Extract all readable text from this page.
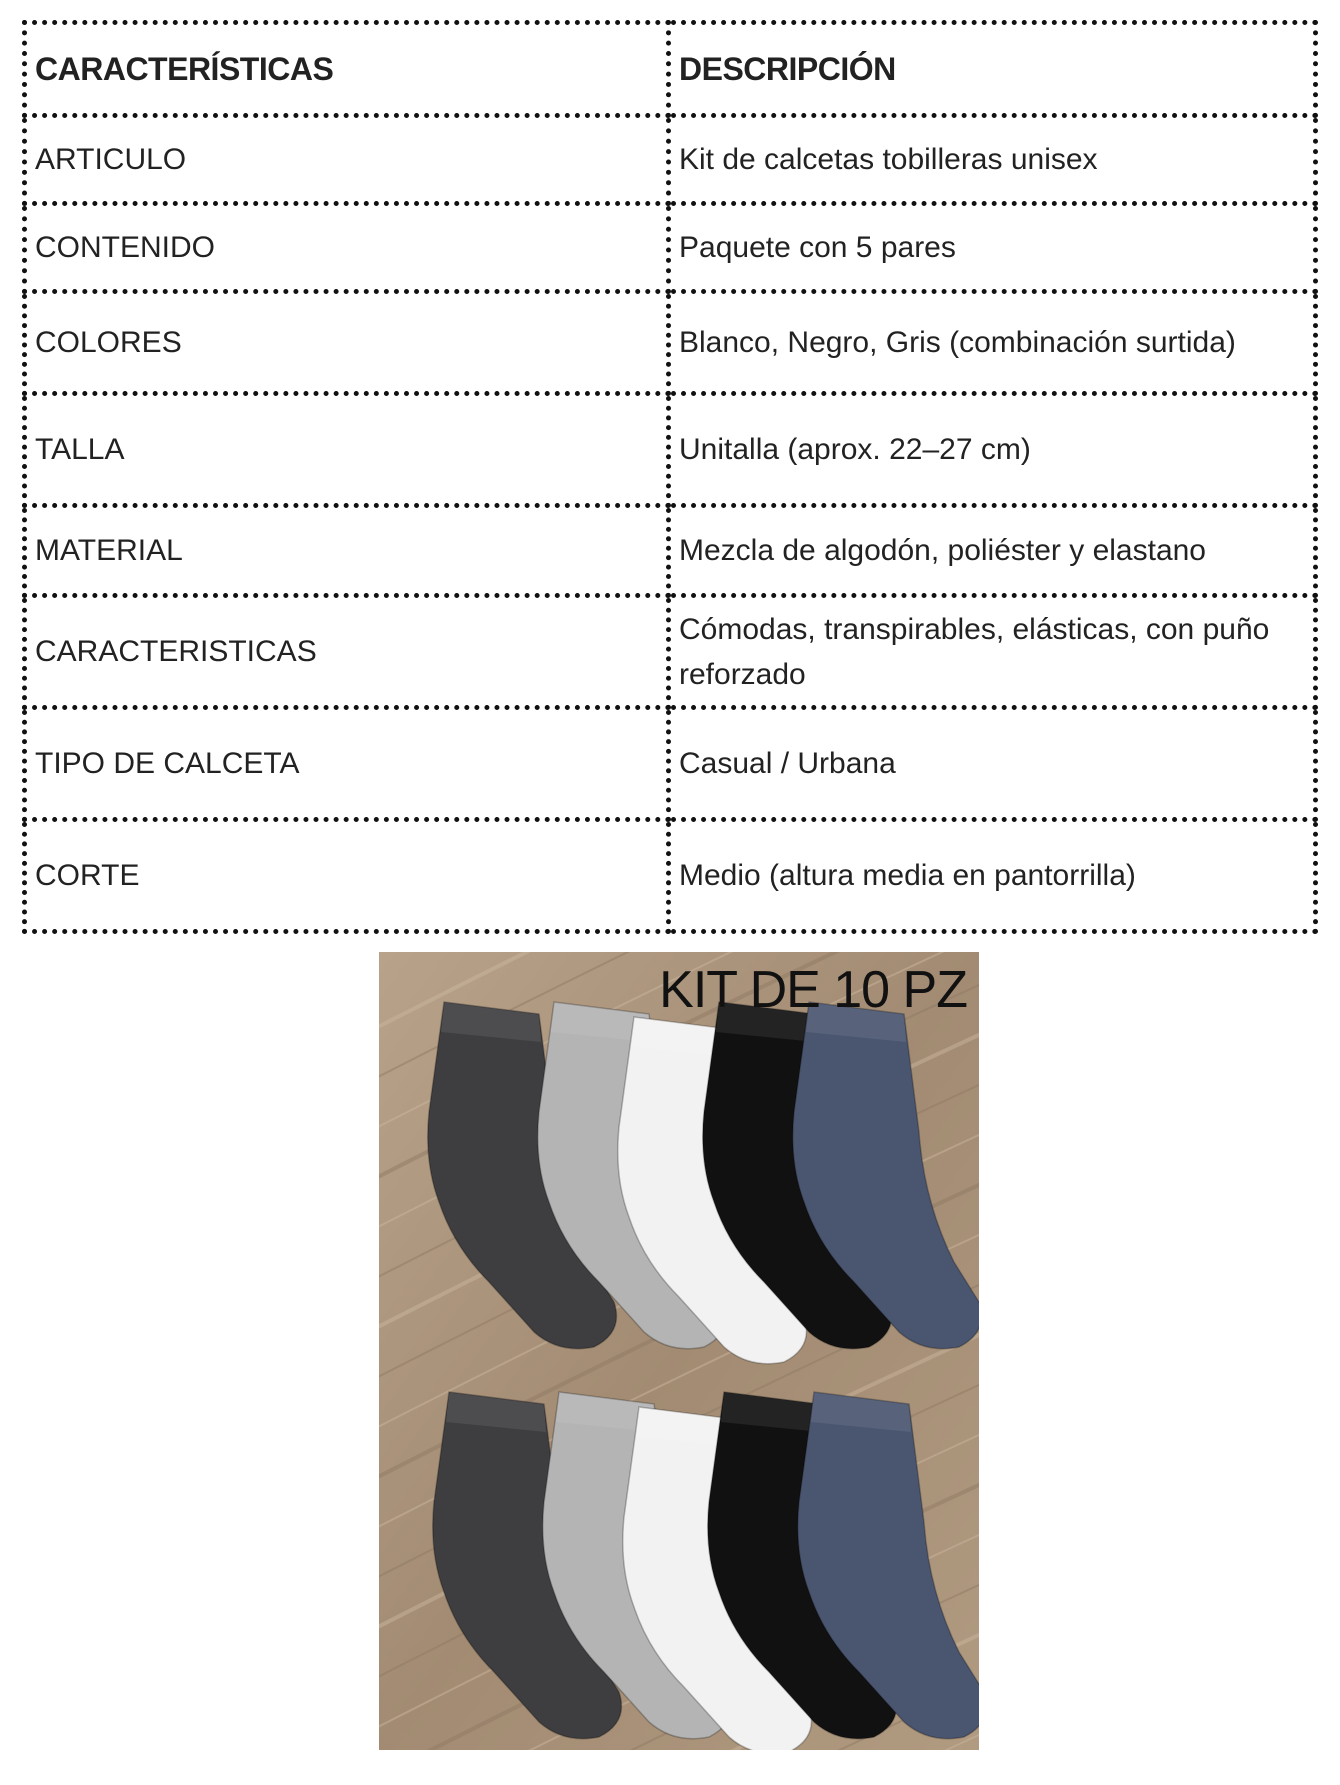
CARACTERÍSTICAS	DESCRIPCIÓN
ARTICULO	Kit de calcetas tobilleras unisex
CONTENIDO	Paquete con 5 pares
COLORES	Blanco, Negro, Gris (combinación surtida)
TALLA	Unitalla (aprox. 22–27 cm)
MATERIAL	Mezcla de algodón, poliéster y elastano
CARACTERISTICAS	Cómodas, transpirables, elásticas, con puño reforzado
TIPO DE CALCETA	Casual / Urbana
CORTE	Medio (altura media en pantorrilla)
KIT DE 10 PZ
